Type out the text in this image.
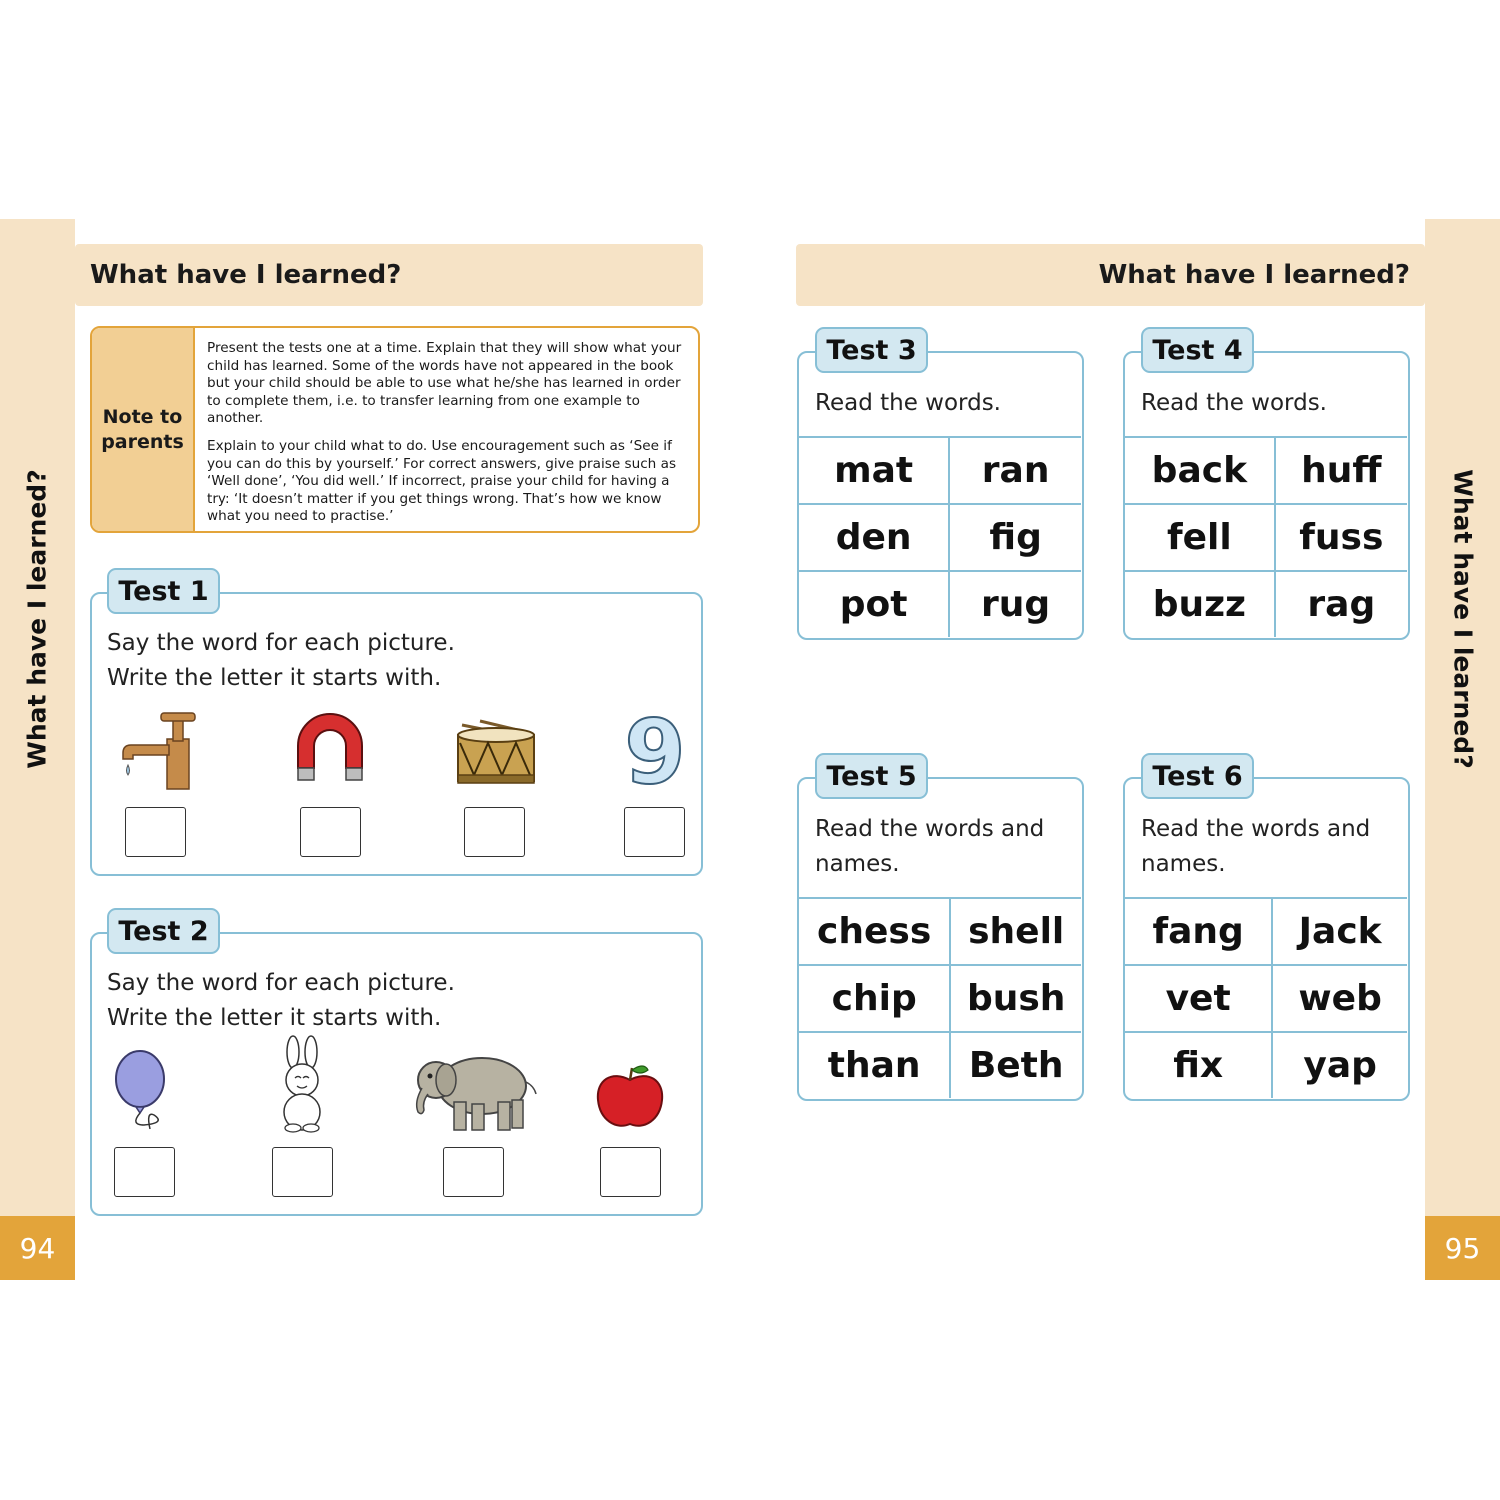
What have I learned?
94
What have I learned?
95
What have I learned?	What have I learned?
Note to
parents

Present the tests one at a time. Explain that they will show what your child has learned. Some of the words have not appeared in the book but your child should be able to use what he/she has learned in order to complete them, i.e. to transfer learning from one example to another.

Explain to your child what to do. Use encouragement such as ‘See if you can do this by yourself.’ For correct answers, give praise such as ‘Well done’, ‘You did well.’ If incorrect, praise your child for having a try: ‘It doesn’t matter if you get things wrong. That’s how we know what you need to practise.’

Say the word for each picture.
Write the letter it starts with.
9
Test 1
Say the word for each picture.
Write the letter it starts with.
Test 2
Read the words.
mat	ran
den	fig
pot	rug
Test 3
Read the words.
back	huff
fell	fuss
buzz	rag
Test 4
Read the words and
names.
chess	shell
chip	bush
than	Beth
Test 5
Read the words and
names.
fang	Jack
vet	web
fix	yap
Test 6
